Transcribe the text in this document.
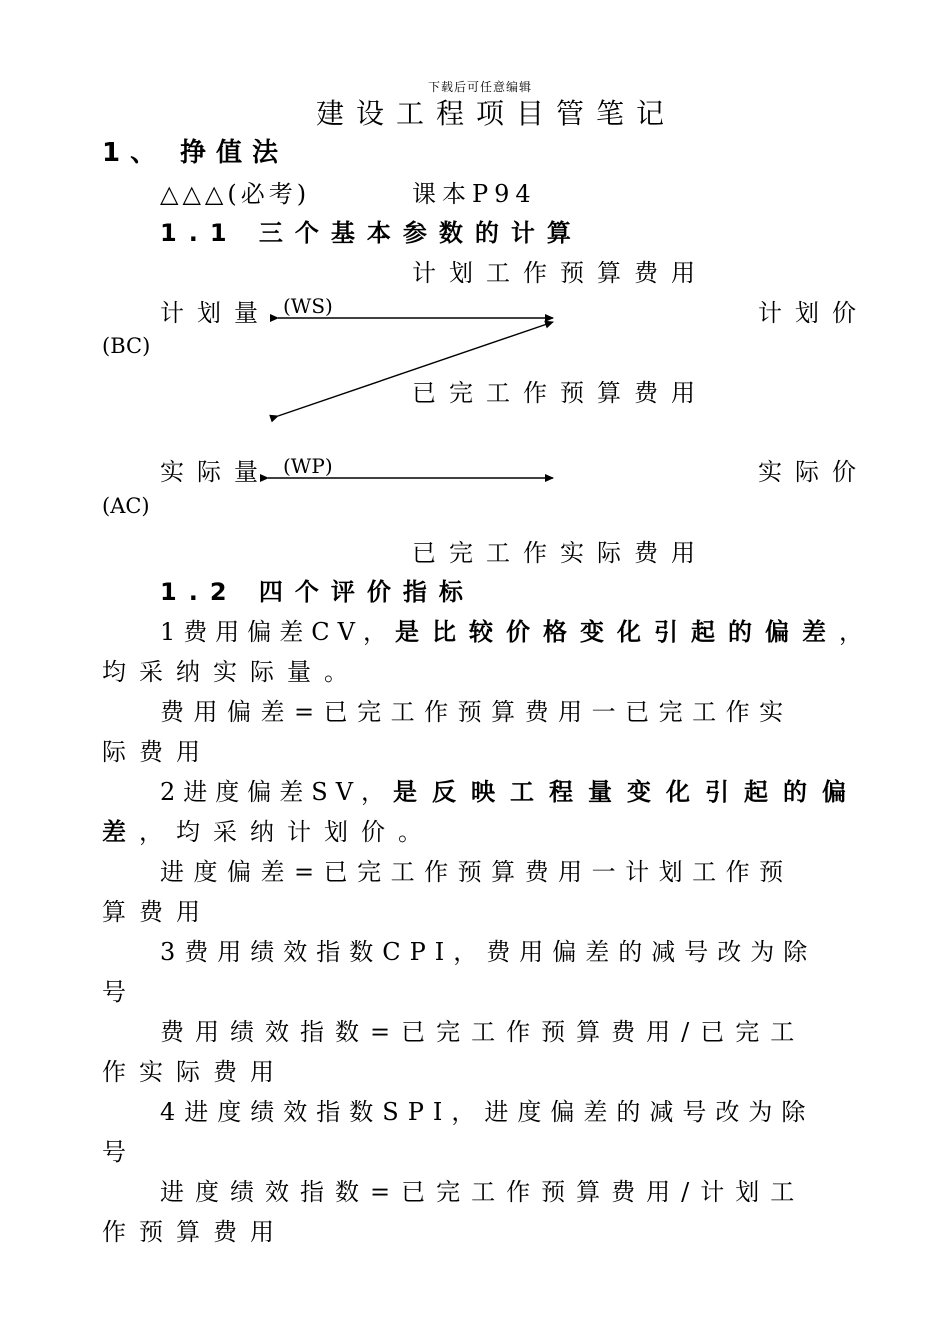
下载后可任意编辑
建设工程项目管笔记
1、 挣值法
△△△(必考)	课本P94
1.1 三个基本参数的计算
计划工作预算费用
计划量 (WS)	计划价
(BC)
已完工作预算费用
实际量 (WP)	实际价
(AC)
已完工作实际费用
1.2 四个评价指标
1费用偏差CV，是比较价格变化引起的偏差，
均采纳实际量。
费用偏差=已完工作预算费用一已完工作实
际费用
2进度偏差SV，是反映工程量变化引起的偏
差，均采纳计划价。
进度偏差=已完工作预算费用一计划工作预
算费用
3费用绩效指数CPI，费用偏差的减号改为除
号
费用绩效指数=已完工作预算费用/已完工
作实际费用
4进度绩效指数SPI，进度偏差的减号改为除
号
进度绩效指数=已完工作预算费用/计划工
作预算费用
